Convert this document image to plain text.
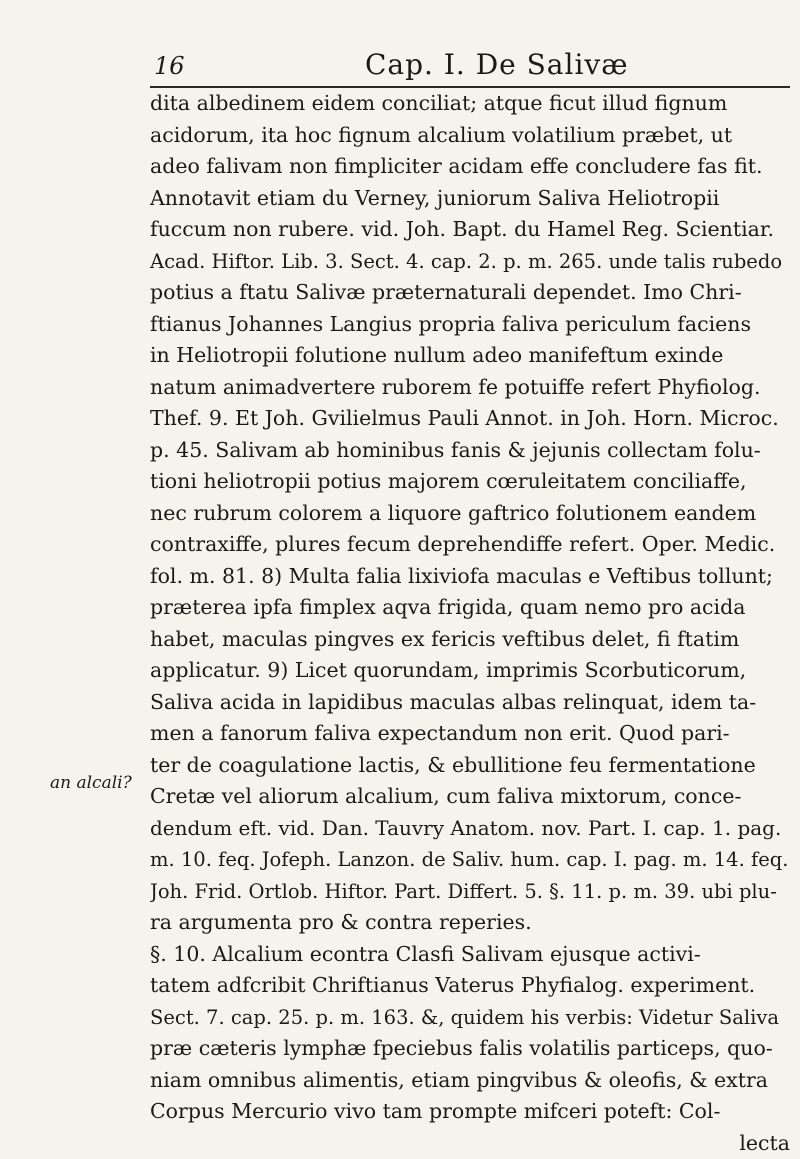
16	Cap. I. De Salivæ
an alcali?
dita albedinem eidem conciliat; atque ficut illud fignum
acidorum, ita hoc fignum alcalium volatilium præbet, ut
adeo falivam non fimpliciter acidam effe concludere fas fit.
Annotavit etiam du Verney, juniorum Saliva Heliotropii
fuccum non rubere. vid. Joh. Bapt. du Hamel Reg. Scientiar.
Acad. Hiftor. Lib. 3. Sect. 4. cap. 2. p. m. 265. unde talis rubedo
potius a ftatu Salivæ præternaturali dependet. Imo Chri-
ftianus Johannes Langius propria faliva periculum faciens
in Heliotropii folutione nullum adeo manifeftum exinde
natum animadvertere ruborem fe potuiffe refert Phyfiolog.
Thef. 9. Et Joh. Gvilielmus Pauli Annot. in Joh. Horn. Microc.
p. 45. Salivam ab hominibus fanis & jejunis collectam folu-
tioni heliotropii potius majorem cœruleitatem conciliaffe,
nec rubrum colorem a liquore gaftrico folutionem eandem
contraxiffe, plures fecum deprehendiffe refert. Oper. Medic.
fol. m. 81. 8) Multa falia lixiviofa maculas e Veftibus tollunt;
præterea ipfa fimplex aqva frigida, quam nemo pro acida
habet, maculas pingves ex fericis veftibus delet, fi ftatim
applicatur. 9) Licet quorundam, imprimis Scorbuticorum,
Saliva acida in lapidibus maculas albas relinquat, idem ta-
men a fanorum faliva expectandum non erit. Quod pari-
ter de coagulatione lactis, & ebullitione feu fermentatione
Cretæ vel aliorum alcalium, cum faliva mixtorum, conce-
dendum eft. vid. Dan. Tauvry Anatom. nov. Part. I. cap. 1. pag.
m. 10. feq. Jofeph. Lanzon. de Saliv. hum. cap. I. pag. m. 14. feq.
Joh. Frid. Ortlob. Hiftor. Part. Differt. 5. §. 11. p. m. 39. ubi plu-
ra argumenta pro & contra reperies.
§. 10. Alcalium econtra Clasfi Salivam ejusque activi-
tatem adfcribit Chriftianus Vaterus Phyfialog. experiment.
Sect. 7. cap. 25. p. m. 163. &, quidem his verbis: Videtur Saliva
præ cæteris lymphæ fpeciebus falis volatilis particeps, quo-
niam omnibus alimentis, etiam pingvibus & oleofis, & extra
Corpus Mercurio vivo tam prompte mifceri poteft: Col-
lecta
